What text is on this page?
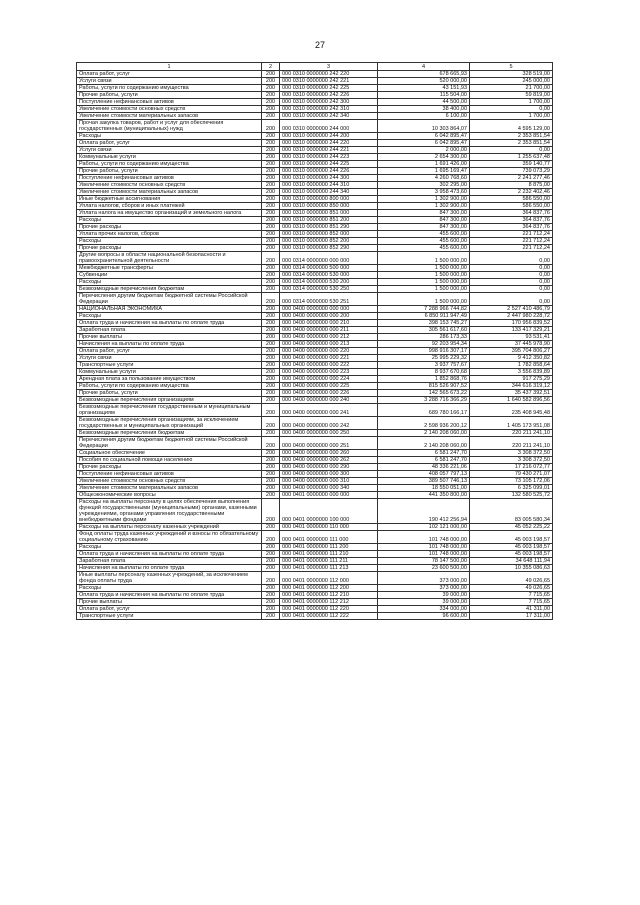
27
1	2	3	4	5
Оплата работ, услуг	200	000 0310 0000000 242 220	678 665,93	328 519,00
Услуги связи	200	000 0310 0000000 242 221	520 000,00	245 000,00
Работы, услуги по содержанию имущества	200	000 0310 0000000 242 225	43 151,93	21 700,00
Прочие работы, услуги	200	000 0310 0000000 242 226	115 504,00	59 819,00
Поступление нефинансовых активов	200	000 0310 0000000 242 300	44 500,00	1 700,00
Увеличение стоимости основных средств	200	000 0310 0000000 242 310	38 400,00	0,00
Увеличение стоимости материальных запасов	200	000 0310 0000000 242 340	6 100,00	1 700,00
Прочая закупка товаров, работ и услуг для обеспечения государственных (муниципальных) нужд	200	000 0310 0000000 244 000	10 303 864,07	4 595 129,00
Расходы	200	000 0310 0000000 244 200	6 042 895,47	2 353 851,54
Оплата работ, услуг	200	000 0310 0000000 244 220	6 042 895,47	2 353 851,54
Услуги связи	200	000 0310 0000000 244 221	2 000,00	0,00
Коммунальные услуги	200	000 0310 0000000 244 223	2 654 300,00	1 255 637,48
Работы, услуги по содержанию имущества	200	000 0310 0000000 244 225	1 691 426,00	359 140,77
Прочие работы, услуги	200	000 0310 0000000 244 226	1 695 169,47	739 073,29
Поступление нефинансовых активов	200	000 0310 0000000 244 300	4 260 768,60	2 241 277,46
Увеличение стоимости основных средств	200	000 0310 0000000 244 310	302 295,00	8 875,00
Увеличение стоимости материальных запасов	200	000 0310 0000000 244 340	3 958 473,60	2 232 402,46
Иные бюджетные ассигнования	200	000 0310 0000000 800 000	1 302 900,00	586 550,00
Уплата налогов, сборов и иных платежей	200	000 0310 0000000 850 000	1 302 900,00	586 550,00
Уплата налога на имущество организаций и земельного налога	200	000 0310 0000000 851 000	847 300,00	364 837,76
Расходы	200	000 0310 0000000 851 200	847 300,00	364 837,76
Прочие расходы	200	000 0310 0000000 851 290	847 300,00	364 837,76
Уплата прочих налогов, сборов	200	000 0310 0000000 852 000	455 600,00	221 712,24
Расходы	200	000 0310 0000000 852 200	455 600,00	221 712,24
Прочие расходы	200	000 0310 0000000 852 290	455 600,00	221 712,24
Другие вопросы в области национальной безопасности и правоохранительной деятельности	200	000 0314 0000000 000 000	1 500 000,00	0,00
Межбюджетные трансферты	200	000 0314 0000000 500 000	1 500 000,00	0,00
Субвенции	200	000 0314 0000000 530 000	1 500 000,00	0,00
Расходы	200	000 0314 0000000 530 200	1 500 000,00	0,00
Безвозмездные перечисления бюджетам	200	000 0314 0000000 530 250	1 500 000,00	0,00
Перечисления другим бюджетам бюджетной системы Российской Федерации	200	000 0314 0000000 530 251	1 500 000,00	0,00
НАЦИОНАЛЬНАЯ ЭКОНОМИКА	200	000 0400 0000000 000 000	7 288 966 744,82	2 527 410 486,79
Расходы	200	000 0400 0000000 000 200	6 850 911 947,49	2 447 980 228,72
Оплата труда и начисления на выплаты по оплате труда	200	000 0400 0000000 000 210	398 153 745,27	170 956 839,52
Заработная плата	200	000 0400 0000000 000 211	305 561 617,60	133 417 329,21
Прочие выплаты	200	000 0400 0000000 000 212	286 173,33	93 531,41
Начисления на выплаты по оплате труда	200	000 0400 0000000 000 213	92 203 954,34	37 445 978,90
Оплата работ, услуг	200	000 0400 0000000 000 220	998 916 307,17	395 704 806,27
Услуги связи	200	000 0400 0000000 000 221	25 995 229,32	9 412 350,82
Транспортные услуги	200	000 0400 0000000 000 222	3 937 757,67	1 782 858,64
Коммунальные услуги	200	000 0400 0000000 000 223	8 937 670,68	3 556 839,89
Арендная плата за пользование имуществом	200	000 0400 0000000 000 224	1 852 868,76	917 275,29
Работы, услуги по содержанию имущества	200	000 0400 0000000 000 225	815 526 907,52	344 616 319,12
Прочие работы, услуги	200	000 0400 0000000 000 226	142 565 673,22	35 437 392,51
Безвозмездные перечисления организациям	200	000 0400 0000000 000 240	3 288 716 366,29	1 640 582 896,56
Безвозмездные перечисления государственным и муниципальным организациям	200	000 0400 0000000 000 241	689 780 166,17	235 408 945,48
Безвозмездные перечисления организациям, за исключением государственных и муниципальных организаций	200	000 0400 0000000 000 242	2 598 936 200,12	1 405 173 951,08
Безвозмездные перечисления бюджетам	200	000 0400 0000000 000 250	2 140 208 060,00	220 211 241,10
Перечисления другим бюджетам бюджетной системы Российской Федерации	200	000 0400 0000000 000 251	2 140 208 060,00	220 211 241,10
Социальное обеспечение	200	000 0400 0000000 000 260	6 581 247,70	3 308 372,50
Пособия по социальной помощи населению	200	000 0400 0000000 000 262	6 581 247,70	3 308 372,50
Прочие расходы	200	000 0400 0000000 000 290	48 336 221,06	17 216 072,77
Поступление нефинансовых активов	200	000 0400 0000000 000 300	408 057 797,13	79 430 271,07
Увеличение стоимости основных средств	200	000 0400 0000000 000 310	389 507 746,13	73 105 172,06
Увеличение стоимости материальных запасов	200	000 0400 0000000 000 340	18 550 051,00	6 325 099,01
Общеэкономические вопросы	200	000 0401 0000000 000 000	441 350 800,00	132 580 525,72
Расходы на выплаты персоналу в целях обеспечения выполнения функций государственными (муниципальными) органами, казенными учреждениями, органами управления государственными внебюджетными фондами	200	000 0401 0000000 100 000	190 412 256,94	83 005 580,34
Расходы на выплаты персоналу казенных учреждений	200	000 0401 0000000 110 000	102 121 000,00	45 052 225,22
Фонд оплаты труда казенных учреждений и взносы по обязательному социальному страхованию	200	000 0401 0000000 111 000	101 748 000,00	45 003 198,57
Расходы	200	000 0401 0000000 111 200	101 748 000,00	45 003 198,57
Оплата труда и начисления на выплаты по оплате труда	200	000 0401 0000000 111 210	101 748 000,00	45 003 198,57
Заработная плата	200	000 0401 0000000 111 211	78 147 500,00	34 648 111,94
Начисления на выплаты по оплате труда	200	000 0401 0000000 111 213	23 600 500,00	10 355 086,63
Иные выплаты персоналу казенных учреждений, за исключением фонда оплаты труда	200	000 0401 0000000 112 000	373 000,00	49 026,65
Расходы	200	000 0401 0000000 112 200	373 000,00	49 026,65
Оплата труда и начисления на выплаты по оплате труда	200	000 0401 0000000 112 210	39 000,00	7 715,65
Прочие выплаты	200	000 0401 0000000 112 212	39 000,00	7 715,65
Оплата работ, услуг	200	000 0401 0000000 112 220	334 000,00	41 311,00
Транспортные услуги	200	000 0401 0000000 112 222	96 600,00	17 311,00
